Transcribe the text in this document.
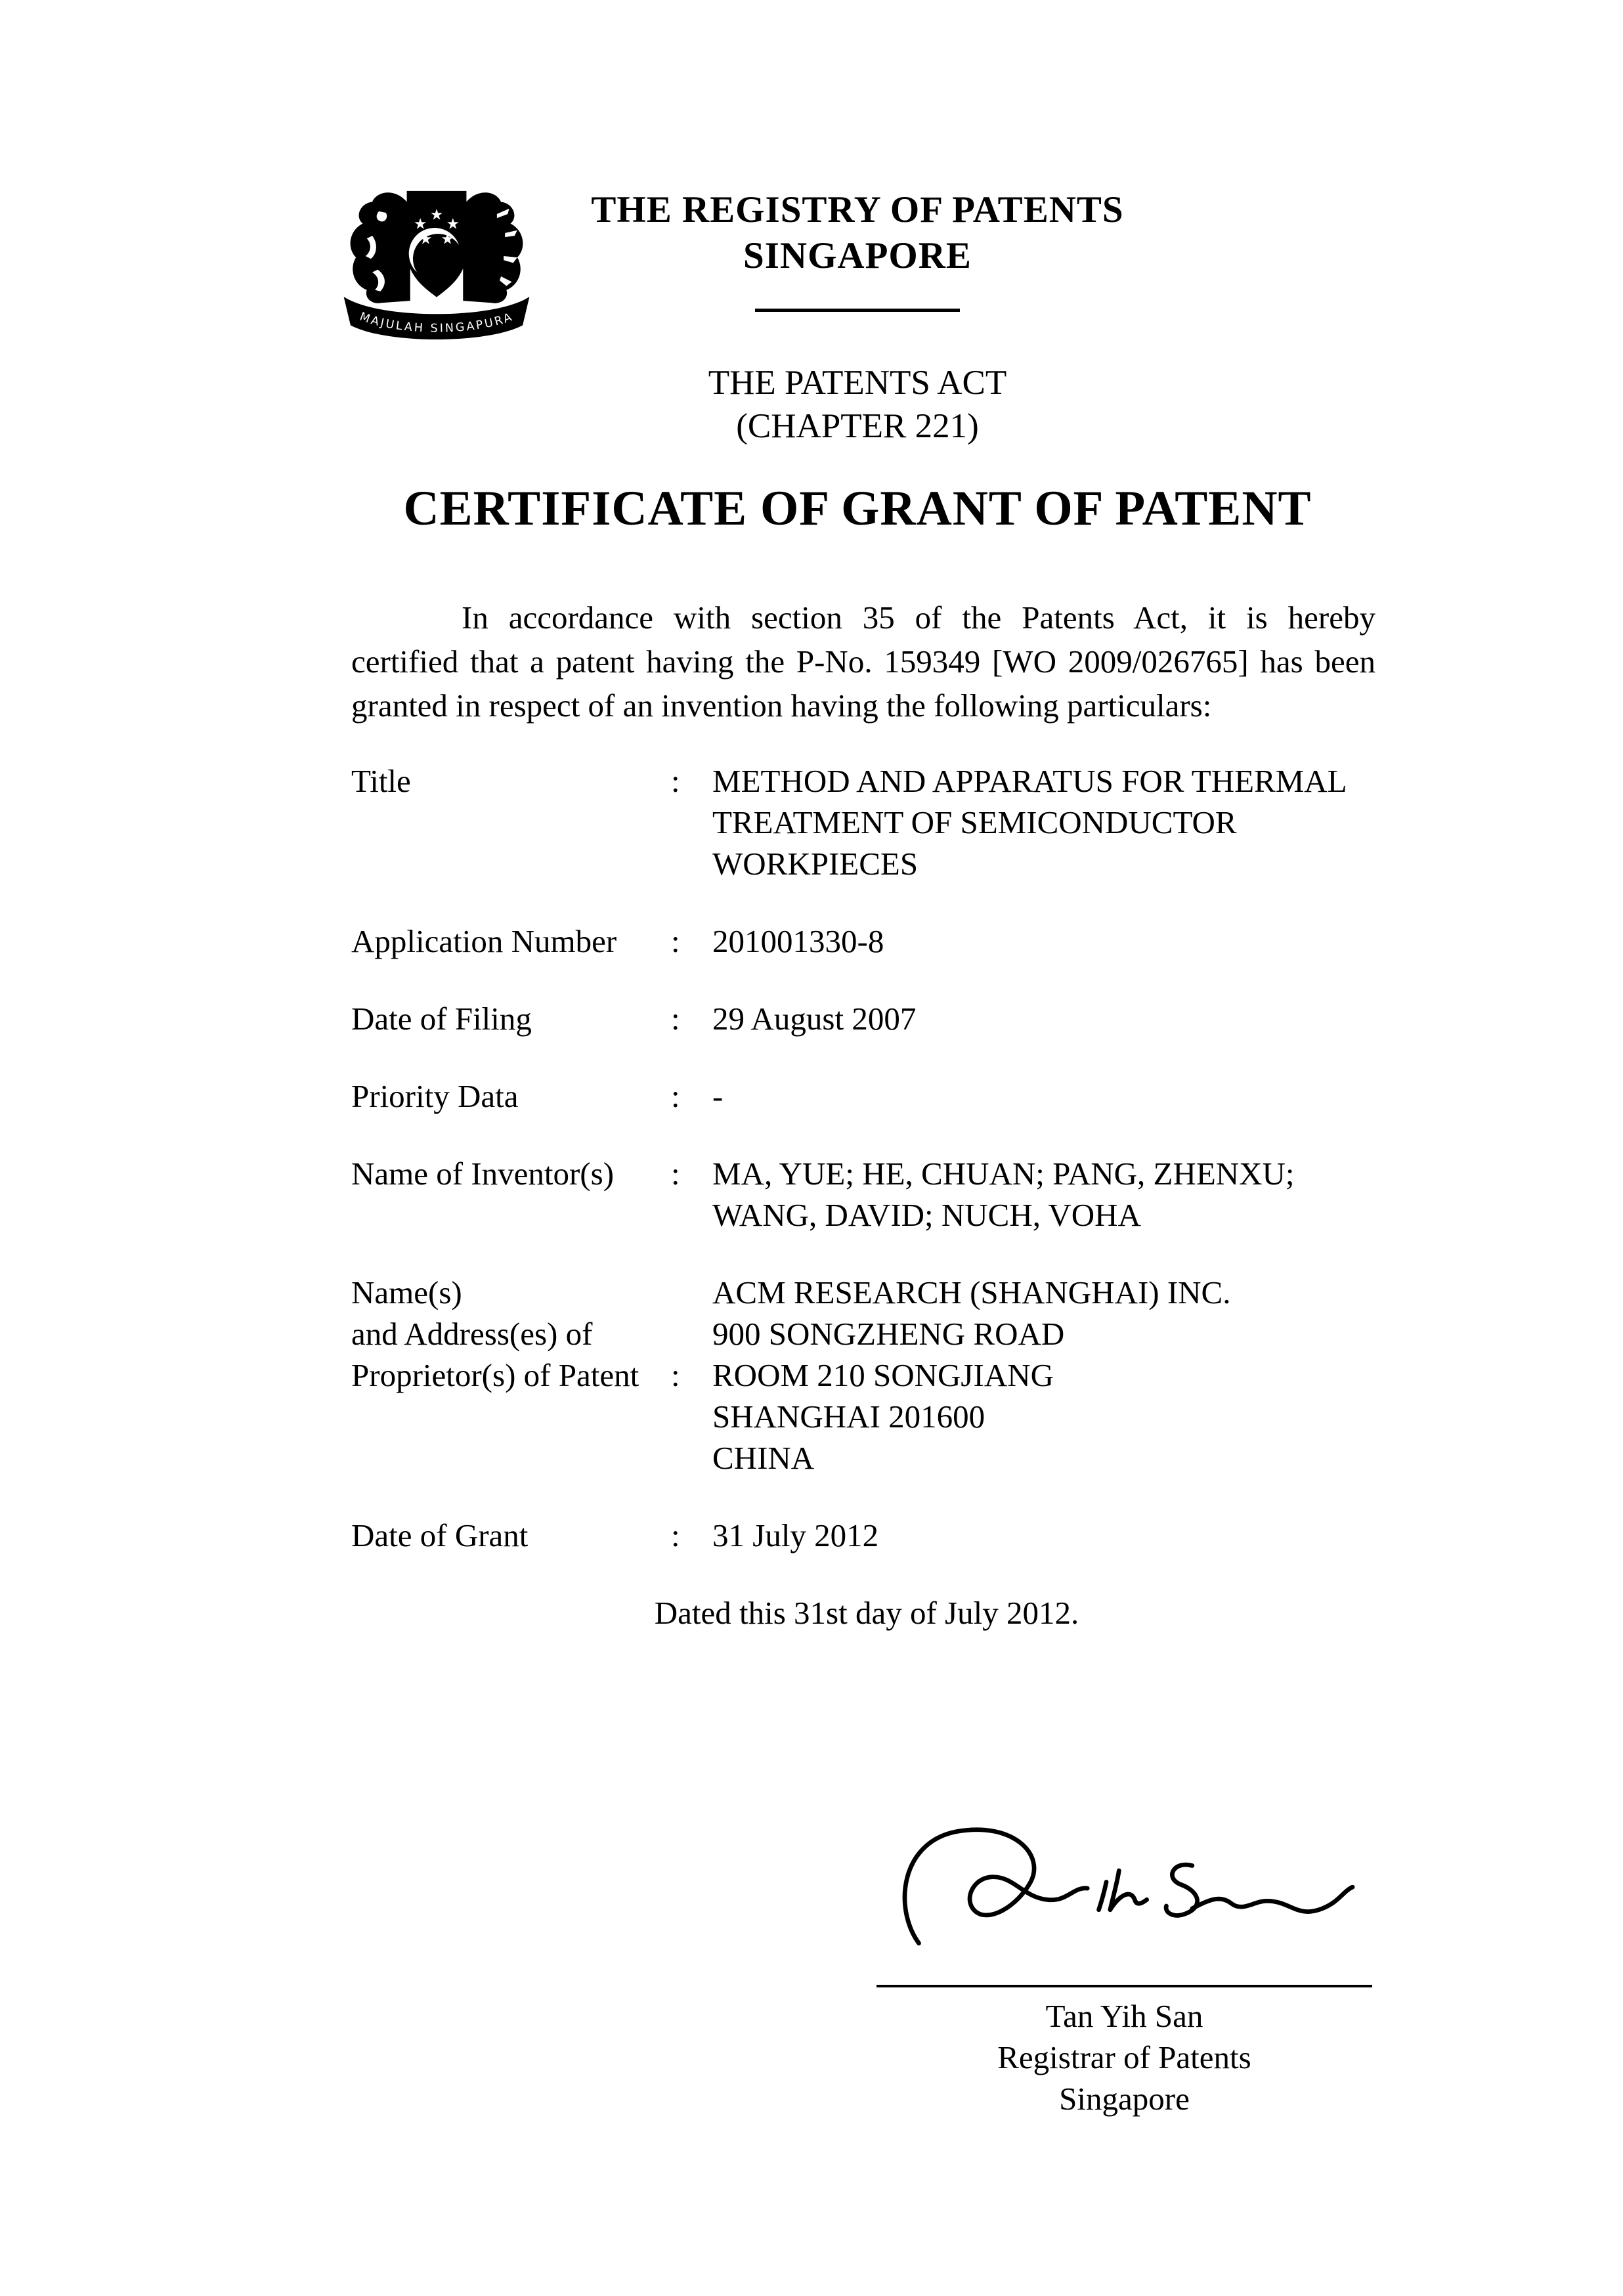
★
★ ★
★ ★
MAJULAH SINGAPURA
THE REGISTRY OF PATENTS
SINGAPORE
THE PATENTS ACT
(CHAPTER 221)
CERTIFICATE OF GRANT OF PATENT
In accordance with section 35 of the Patents Act, it is hereby
certified that a patent having the P-No. 159349 [WO 2009/026765] has been
granted in respect of an invention having the following particulars:
Title	:	METHOD AND APPARATUS FOR THERMAL
TREATMENT OF SEMICONDUCTOR
WORKPIECES
Application Number	:	201001330-8
Date of Filing	:	29 August 2007
Priority Data	:	-
Name of Inventor(s)	:	MA, YUE; HE, CHUAN; PANG, ZHENXU;
WANG, DAVID; NUCH, VOHA
Name(s)
and Address(es) of
Proprietor(s) of Patent :
ACM RESEARCH (SHANGHAI) INC.
900 SONGZHENG ROAD
ROOM 210 SONGJIANG
SHANGHAI 201600
CHINA
Date of Grant	:	31 July 2012
Dated this 31st day of July 2012.
Tan Yih San
Registrar of Patents
Singapore
